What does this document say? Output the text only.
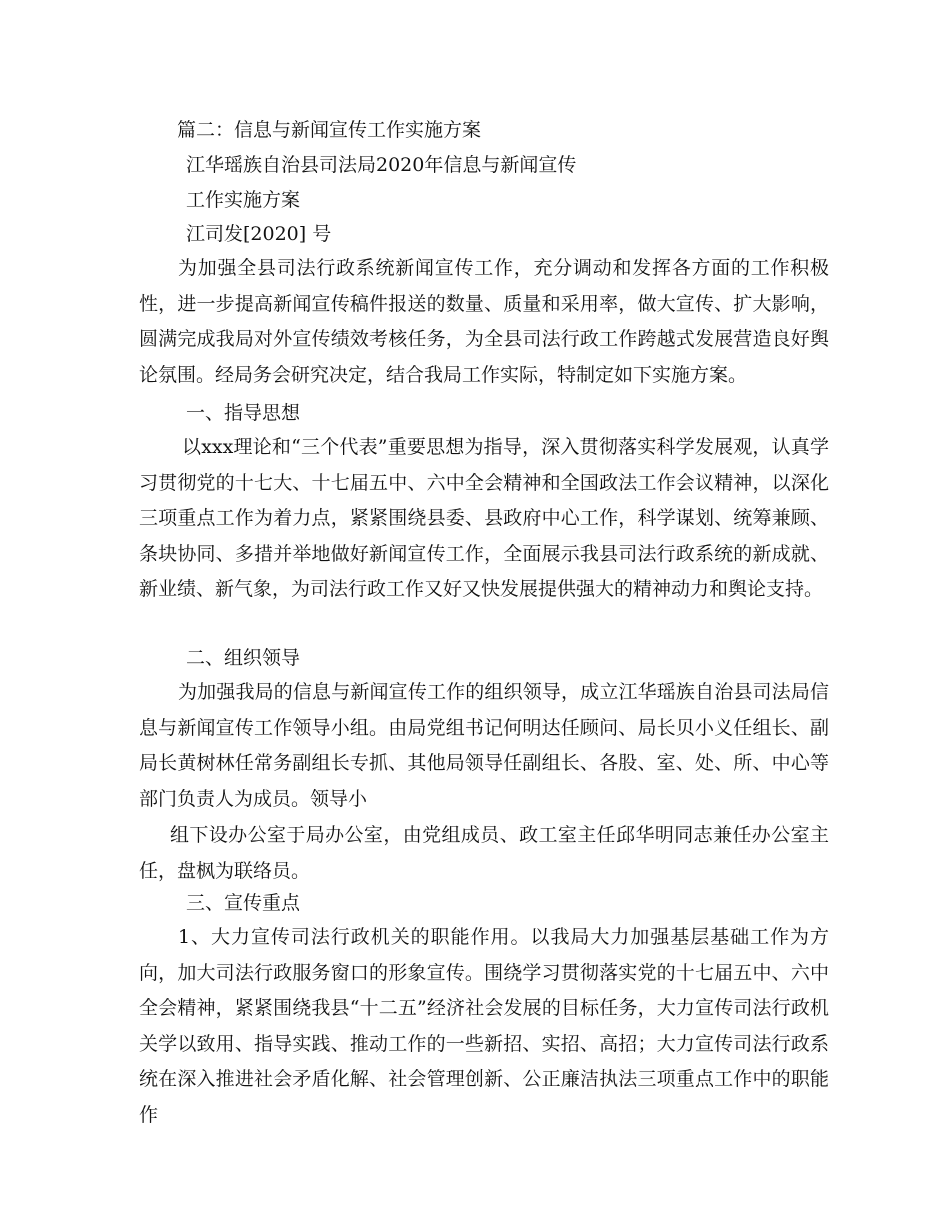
篇二：信息与新闻宣传工作实施方案
江华瑶族自治县司法局2020年信息与新闻宣传
工作实施方案
江司发[2020] 号

为加强全县司法行政系统新闻宣传工作，充分调动和发挥各方面的工作积极性，进一步提高新闻宣传稿件报送的数量、质量和采用率，做大宣传、扩大影响，圆满完成我局对外宣传绩效考核任务，为全县司法行政工作跨越式发展营造良好舆论氛围。经局务会研究决定，结合我局工作实际，特制定如下实施方案。

一、指导思想

以xxx理论和“三个代表”重要思想为指导，深入贯彻落实科学发展观，认真学习贯彻党的十七大、十七届五中、六中全会精神和全国政法工作会议精神，以深化三项重点工作为着力点，紧紧围绕县委、县政府中心工作，科学谋划、统筹兼顾、条块协同、多措并举地做好新闻宣传工作，全面展示我县司法行政系统的新成就、新业绩、新气象，为司法行政工作又好又快发展提供强大的精神动力和舆论支持。

二、组织领导

为加强我局的信息与新闻宣传工作的组织领导，成立江华瑶族自治县司法局信息与新闻宣传工作领导小组。由局党组书记何明达任顾问、局长贝小义任组长、副局长黄树林任常务副组长专抓、其他局领导任副组长、各股、室、处、所、中心等部门负责人为成员。领导小

组下设办公室于局办公室，由党组成员、政工室主任邱华明同志兼任办公室主任，盘枫为联络员。

三、宣传重点

1、大力宣传司法行政机关的职能作用。以我局大力加强基层基础工作为方向，加大司法行政服务窗口的形象宣传。围绕学习贯彻落实党的十七届五中、六中全会精神，紧紧围绕我县“十二五”经济社会发展的目标任务，大力宣传司法行政机关学以致用、指导实践、推动工作的一些新招、实招、高招；大力宣传司法行政系统在深入推进社会矛盾化解、社会管理创新、公正廉洁执法三项重点工作中的职能作
